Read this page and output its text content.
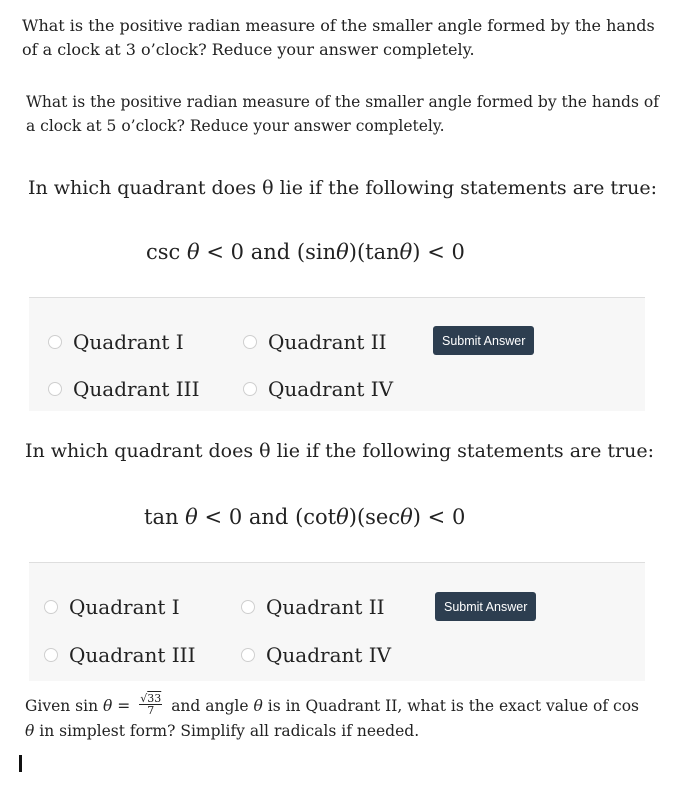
What is the positive radian measure of the smaller angle formed by the hands of a clock at 3 o’clock? Reduce your answer completely.
What is the positive radian measure of the smaller angle formed by the hands of a clock at 5 o’clock? Reduce your answer completely.
In which quadrant does θ lie if the following statements are true:
csc θ < 0 and (sinθ)(tanθ) < 0
Quadrant I	Quadrant II
Quadrant III	Quadrant IV
Submit Answer
In which quadrant does θ lie if the following statements are true:
tan θ < 0 and (cotθ)(secθ) < 0
Quadrant I	Quadrant II
Quadrant III	Quadrant IV
Submit Answer
Given $\sin \theta = \frac{√33}{7}$ and angle θ is in Quadrant II, what is the exact value of cos θ in simplest form? Simplify all radicals if needed.
